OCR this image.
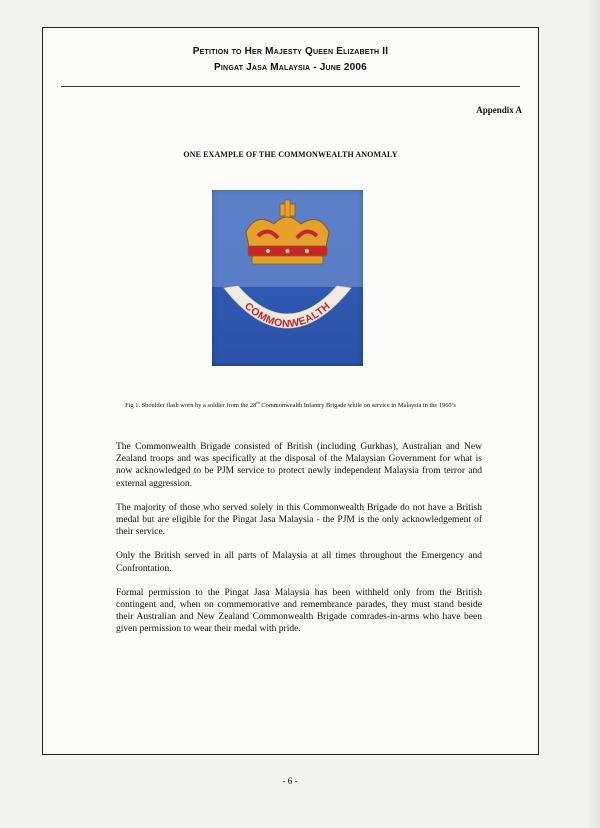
Petition to Her Majesty Queen Elizabeth II
Pingat Jasa Malaysia - June 2006
Appendix A
ONE EXAMPLE OF THE COMMONWEALTH ANOMALY
COMMONWEALTH
Fig 1. Shoulder flash worn by a soldier from the 28th Commonwealth Infantry Brigade while on service in Malaysia in the 1960’s

The Commonwealth Brigade consisted of British (including Gurkhas), Australian and New Zealand troops and was specifically at the disposal of the Malaysian Government for what is now acknowledged to be PJM service to protect newly independent Malaysia from terror and external aggression.

The majority of those who served solely in this Commonwealth Brigade do not have a British medal but are eligible for the Pingat Jasa Malaysia - the PJM is the only acknowledgement of their service.

Only the British served in all parts of Malaysia at all times throughout the Emergency and Confrontation.

Formal permission to the Pingat Jasa Malaysia has been withheld only from the British contingent and, when on commemorative and remembrance parades, they must stand beside their Australian and New Zealand Commonwealth Brigade comrades-in-arms who have been given permission to wear their medal with pride.

- 6 -
